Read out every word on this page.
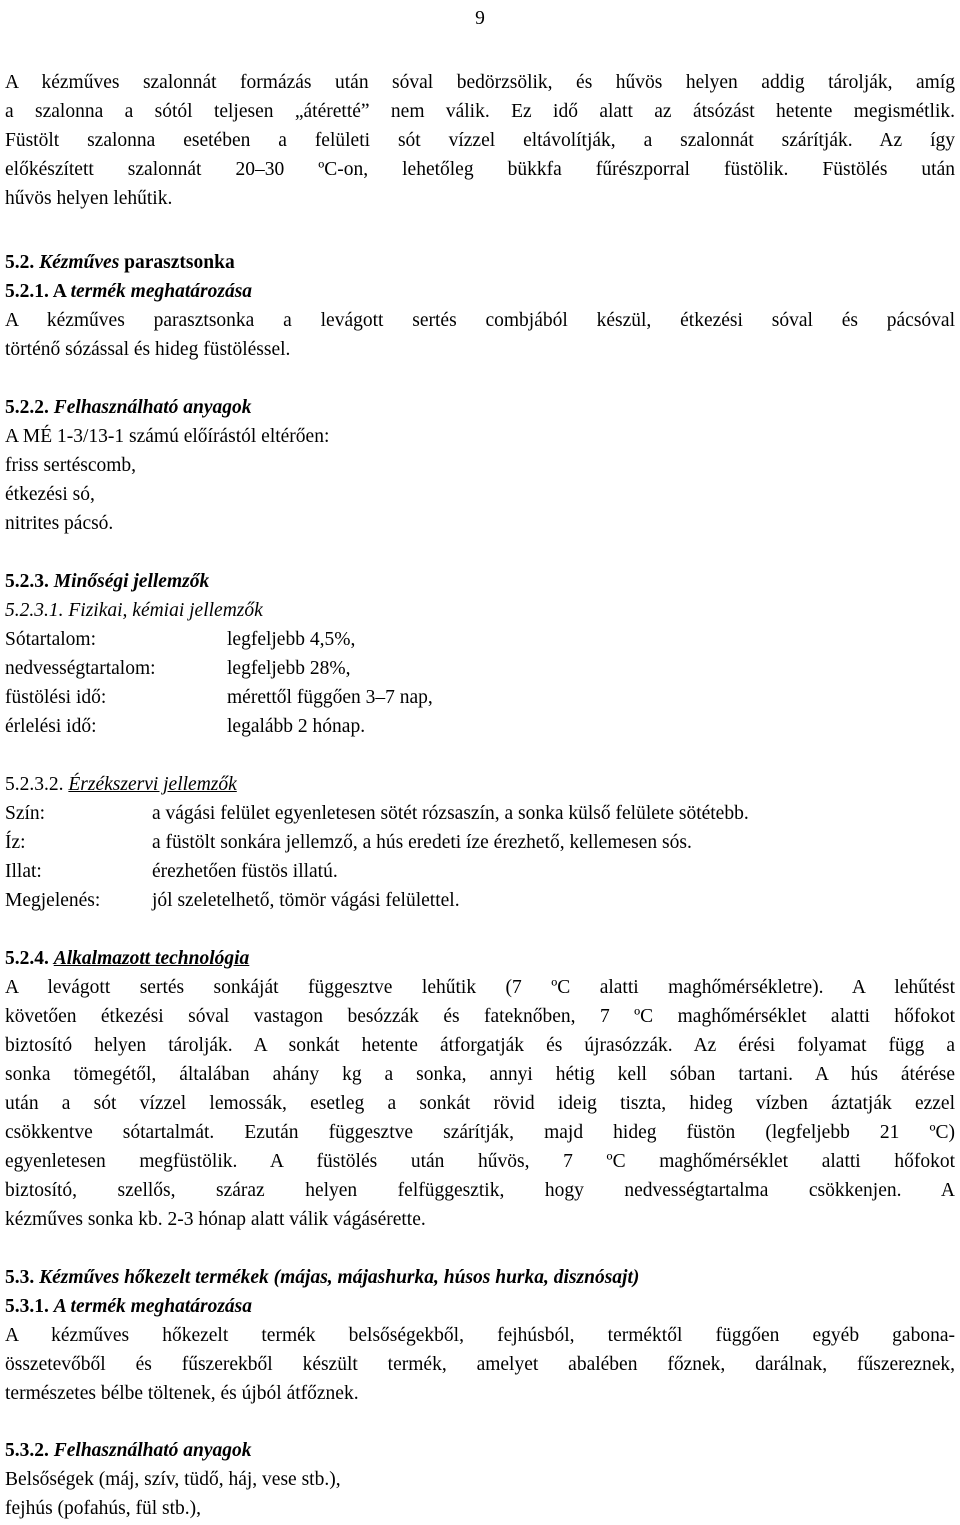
9
A kézműves szalonnát formázás után sóval bedörzsölik, és hűvös helyen addig tárolják, amíg
a szalonna a sótól teljesen „átérettéˮ nem válik. Ez idő alatt az átsózást hetente megismétlik.
Füstölt szalonna esetében a felületi sót vízzel eltávolítják, a szalonnát szárítják. Az így
előkészített szalonnát 20–30 ºC-on, lehetőleg bükkfa fűrészporral füstölik. Füstölés után
hűvös helyen lehűtik.
5.2. Kézműves parasztsonka
5.2.1. A termék meghatározása
A kézműves parasztsonka a levágott sertés combjából készül, étkezési sóval és pácsóval
történő sózással és hideg füstöléssel.
5.2.2. Felhasználható anyagok
A MÉ 1-3/13-1 számú előírástól eltérően:
friss sertéscomb,
étkezési só,
nitrites pácsó.
5.2.3. Minőségi jellemzők
5.2.3.1. Fizikai, kémiai jellemzők
Sótartalom:	legfeljebb 4,5%,
nedvességtartalom:	legfeljebb 28%,
füstölési idő:	mérettől függően 3–7 nap,
érlelési idő:	legalább 2 hónap.
5.2.3.2. Érzékszervi jellemzők
Szín:	a vágási felület egyenletesen sötét rózsaszín, a sonka külső felülete sötétebb.
Íz:	a füstölt sonkára jellemző, a hús eredeti íze érezhető, kellemesen sós.
Illat:	érezhetően füstös illatú.
Megjelenés:	jól szeletelhető, tömör vágási felülettel.
5.2.4. Alkalmazott technológia
A levágott sertés sonkáját függesztve lehűtik (7 ºC alatti maghőmérsékletre). A lehűtést
követően étkezési sóval vastagon besózzák és fateknőben, 7 ºC maghőmérséklet alatti hőfokot
biztosító helyen tárolják. A sonkát hetente átforgatják és újrasózzák. Az érési folyamat függ a
sonka tömegétől, általában ahány kg a sonka, annyi hétig kell sóban tartani. A hús átérése
után a sót vízzel lemossák, esetleg a sonkát rövid ideig tiszta, hideg vízben áztatják ezzel
csökkentve sótartalmát. Ezután függesztve szárítják, majd hideg füstön (legfeljebb 21 ºC)
egyenletesen megfüstölik. A füstölés után hűvös, 7 ºC maghőmérséklet alatti hőfokot
biztosító, szellős, száraz helyen felfüggesztik, hogy nedvességtartalma csökkenjen. A
kézműves sonka kb. 2-3 hónap alatt válik vágásérette.
5.3. Kézműves hőkezelt termékek (májas, májashurka, húsos hurka, disznósajt)
5.3.1. A termék meghatározása
A kézműves hőkezelt termék belsőségekből, fejhúsból, terméktől függően egyéb gabona-
összetevőből és fűszerekből készült termék, amelyet abalében főznek, darálnak, fűszereznek,
természetes bélbe töltenek, és újból átfőznek.
5.3.2. Felhasználható anyagok
Belsőségek (máj, szív, tüdő, háj, vese stb.),
fejhús (pofahús, fül stb.),
